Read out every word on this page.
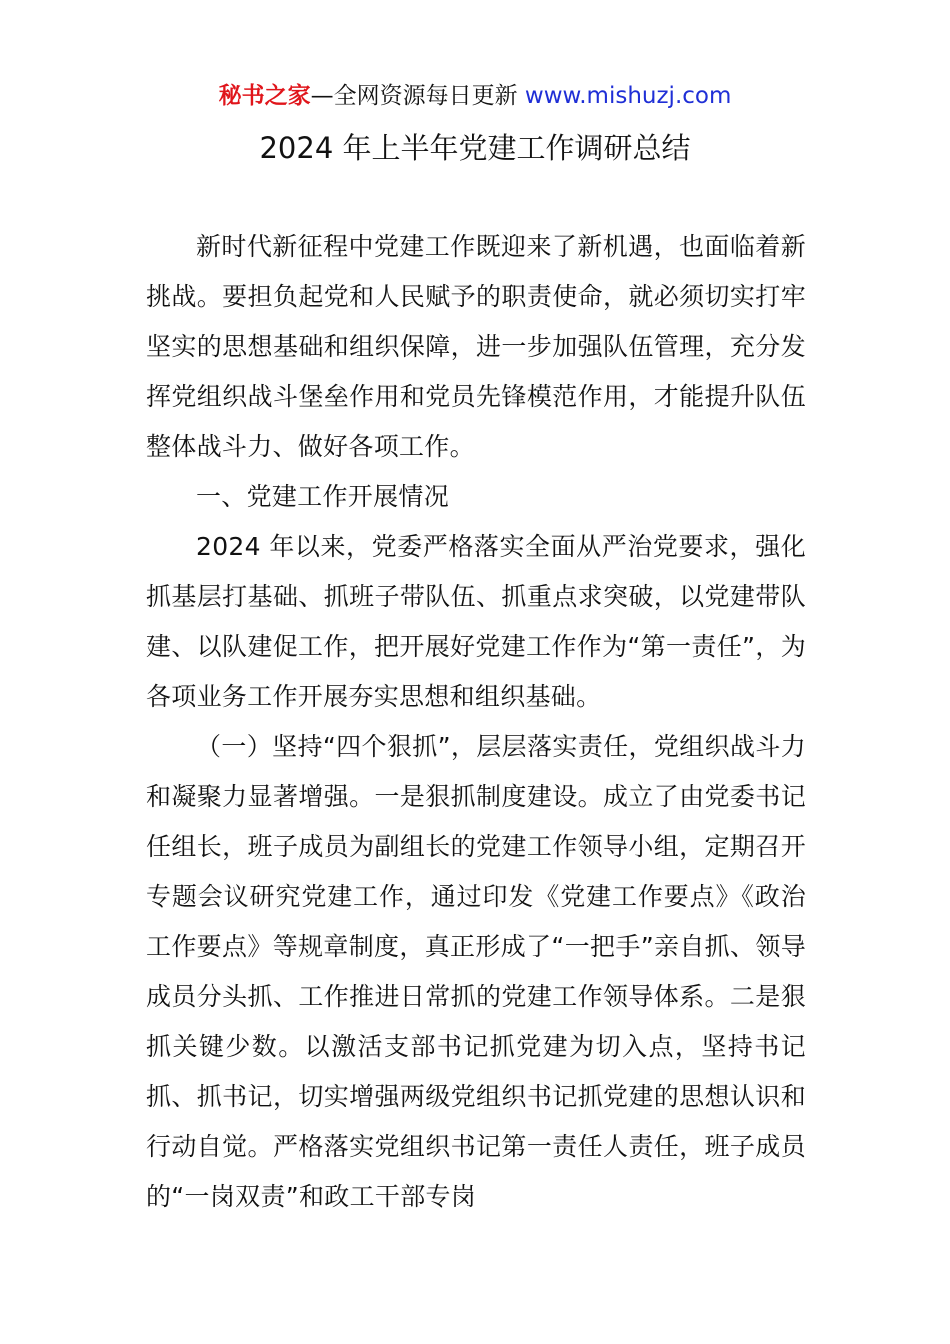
秘书之家—全网资源每日更新 www.mishuzj.com
2024 年上半年党建工作调研总结

新时代新征程中党建工作既迎来了新机遇，也面临着新挑战。要担负起党和人民赋予的职责使命，就必须切实打牢坚实的思想基础和组织保障，进一步加强队伍管理，充分发挥党组织战斗堡垒作用和党员先锋模范作用，才能提升队伍整体战斗力、做好各项工作。

一、党建工作开展情况

2024 年以来，党委严格落实全面从严治党要求，强化抓基层打基础、抓班子带队伍、抓重点求突破，以党建带队建、以队建促工作，把开展好党建工作作为“第一责任”，为各项业务工作开展夯实思想和组织基础。

（一）坚持“四个狠抓”，层层落实责任，党组织战斗力和凝聚力显著增强。一是狠抓制度建设。成立了由党委书记任组长，班子成员为副组长的党建工作领导小组，定期召开专题会议研究党建工作，通过印发《党建工作要点》《政治工作要点》等规章制度，真正形成了“一把手”亲自抓、领导成员分头抓、工作推进日常抓的党建工作领导体系。二是狠抓关键少数。以激活支部书记抓党建为切入点，坚持书记抓、抓书记，切实增强两级党组织书记抓党建的思想认识和行动自觉。严格落实党组织书记第一责任人责任，班子成员的“一岗双责”和政工干部专岗
